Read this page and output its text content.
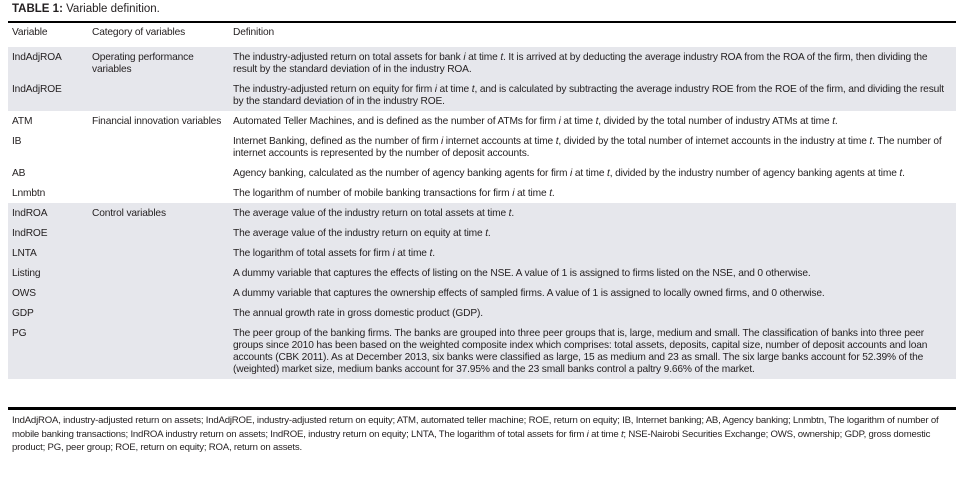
TABLE 1: Variable definition.
Variable	Category of variables	Definition
IndAdjROA	Operating performance variables	The industry-adjusted return on total assets for bank i at time t. It is arrived at by deducting the average industry ROA from the ROA of the firm, then dividing the result by the standard deviation of in the industry ROA.
IndAdjROE		The industry-adjusted return on equity for firm i at time t, and is calculated by subtracting the average industry ROE from the ROE of the firm, and dividing the result by the standard deviation of in the industry ROE.
ATM	Financial innovation variables	Automated Teller Machines, and is defined as the number of ATMs for firm i at time t, divided by the total number of industry ATMs at time t.
IB		Internet Banking, defined as the number of firm i internet accounts at time t, divided by the total number of internet accounts in the industry at time t. The number of internet accounts is represented by the number of deposit accounts.
AB		Agency banking, calculated as the number of agency banking agents for firm i at time t, divided by the industry number of agency banking agents at time t.
Lnmbtn		The logarithm of number of mobile banking transactions for firm i at time t.
IndROA	Control variables	The average value of the industry return on total assets at time t.
IndROE		The average value of the industry return on equity at time t.
LNTA		The logarithm of total assets for firm i at time t.
Listing		A dummy variable that captures the effects of listing on the NSE. A value of 1 is assigned to firms listed on the NSE, and 0 otherwise.
OWS		A dummy variable that captures the ownership effects of sampled firms. A value of 1 is assigned to locally owned firms, and 0 otherwise.
GDP		The annual growth rate in gross domestic product (GDP).
PG		The peer group of the banking firms. The banks are grouped into three peer groups that is, large, medium and small. The classification of banks into three peer groups since 2010 has been based on the weighted composite index which comprises: total assets, deposits, capital size, number of deposit accounts and loan accounts (CBK 2011). As at December 2013, six banks were classified as large, 15 as medium and 23 as small. The six large banks account for 52.39% of the (weighted) market size, medium banks account for 37.95% and the 23 small banks control a paltry 9.66% of the market.
IndAdjROA, industry-adjusted return on assets; IndAdjROE, industry-adjusted return on equity; ATM, automated teller machine; ROE, return on equity; IB, Internet banking; AB, Agency banking; Lnmbtn, The logarithm of number of mobile banking transactions; IndROA industry return on assets; IndROE, industry return on equity; LNTA, The logarithm of total assets for firm i at time t; NSE-Nairobi Securities Exchange; OWS, ownership; GDP, gross domestic product; PG, peer group; ROE, return on equity; ROA, return on assets.
